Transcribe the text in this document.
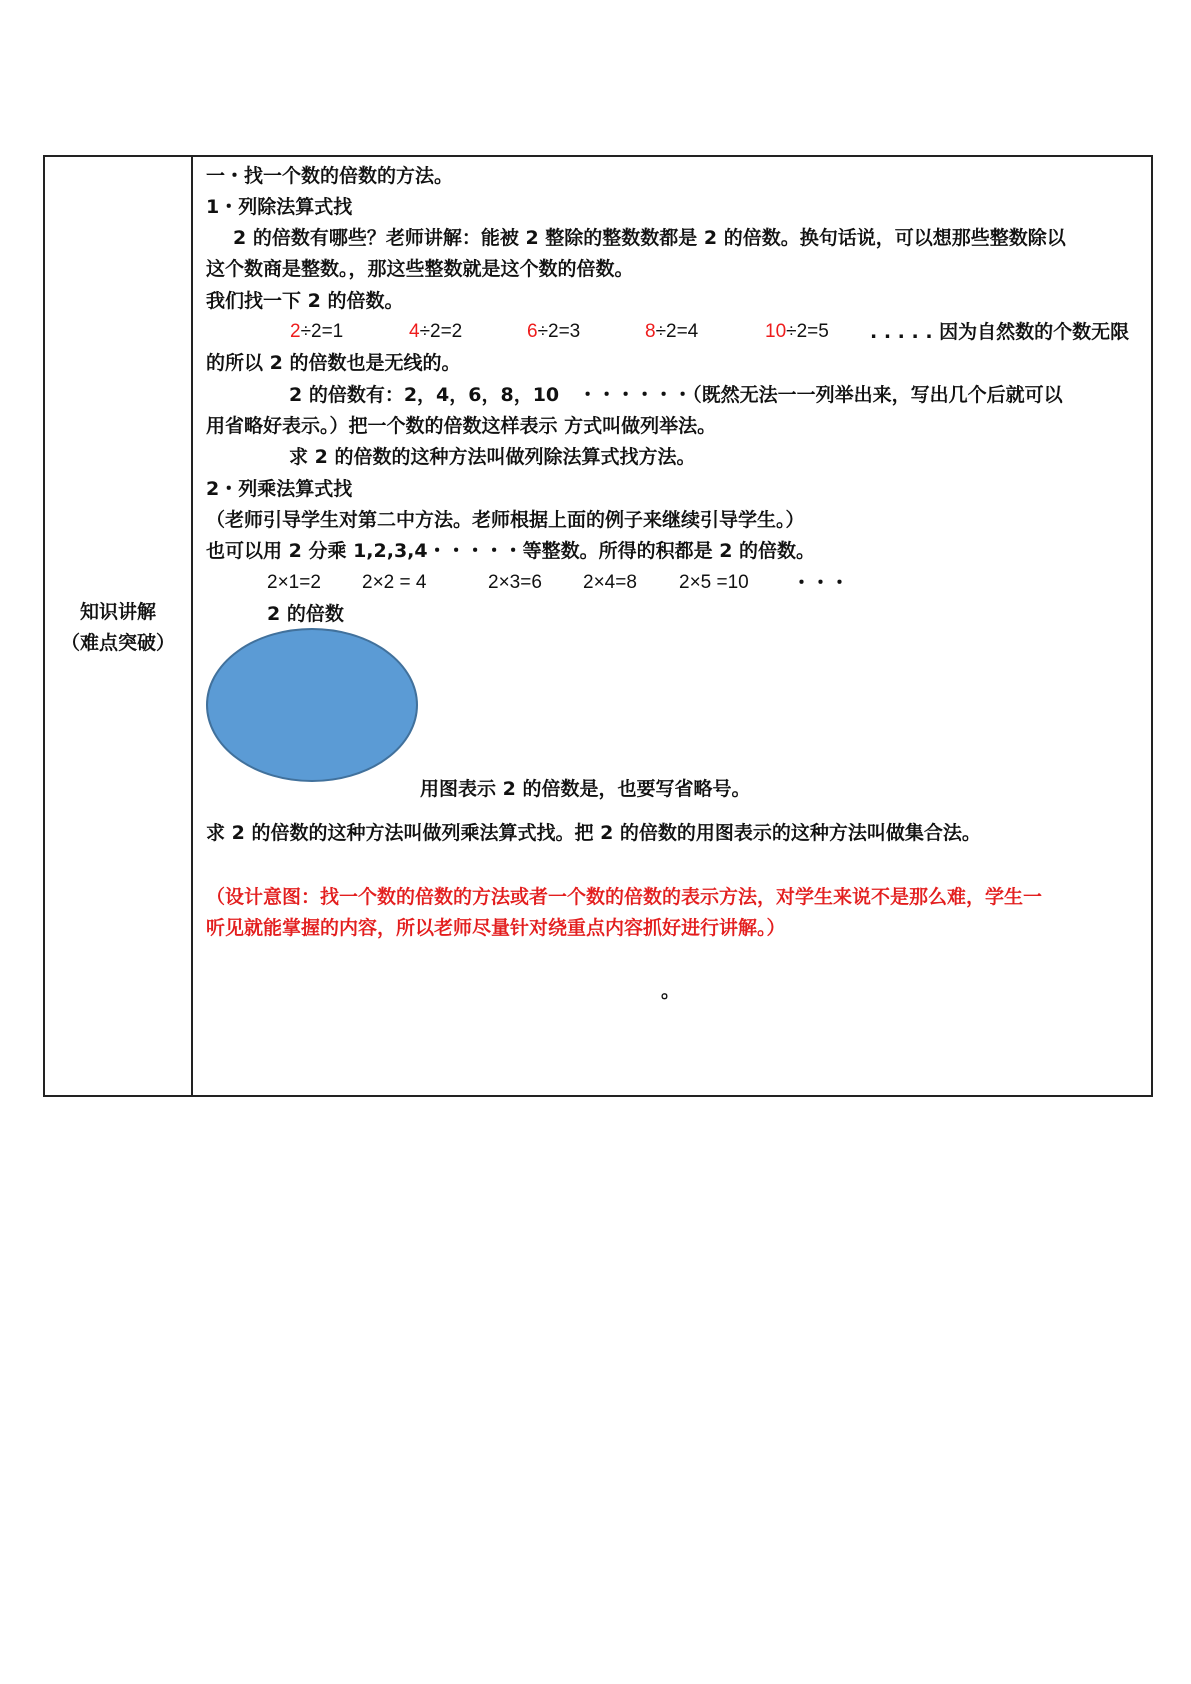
知识讲解
（难点突破）
一・找一个数的倍数的方法。
1・列除法算式找
2 的倍数有哪些？老师讲解：能被 2 整除的整数数都是 2 的倍数。换句话说，可以想那些整数除以
这个数商是整数。，那这些整数就是这个数的倍数。
我们找一下 2 的倍数。
2÷2=1	4÷2=2	6÷2=3	8÷2=4	10÷2=5 . . . . . 因为自然数的个数无限
的所以 2 的倍数也是无线的。
2 的倍数有：2，4，6，8，10　・・・・・・（既然无法一一列举出来，写出几个后就可以
用省略好表示。）把一个数的倍数这样表示 方式叫做列举法。
求 2 的倍数的这种方法叫做列除法算式找方法。
2・列乘法算式找
（老师引导学生对第二中方法。老师根据上面的例子来继续引导学生。）
也可以用 2 分乘 1,2,3,4・・・・・等整数。所得的积都是 2 的倍数。
2×1=2 2×2 = 4	2×3=6 2×4=8 2×5 =10 ・・・
2 的倍数
用图表示 2 的倍数是，也要写省略号。
求 2 的倍数的这种方法叫做列乘法算式找。把 2 的倍数的用图表示的这种方法叫做集合法。
（设计意图：找一个数的倍数的方法或者一个数的倍数的表示方法，对学生来说不是那么难，学生一
听见就能掌握的内容，所以老师尽量针对绕重点内容抓好进行讲解。）
。
